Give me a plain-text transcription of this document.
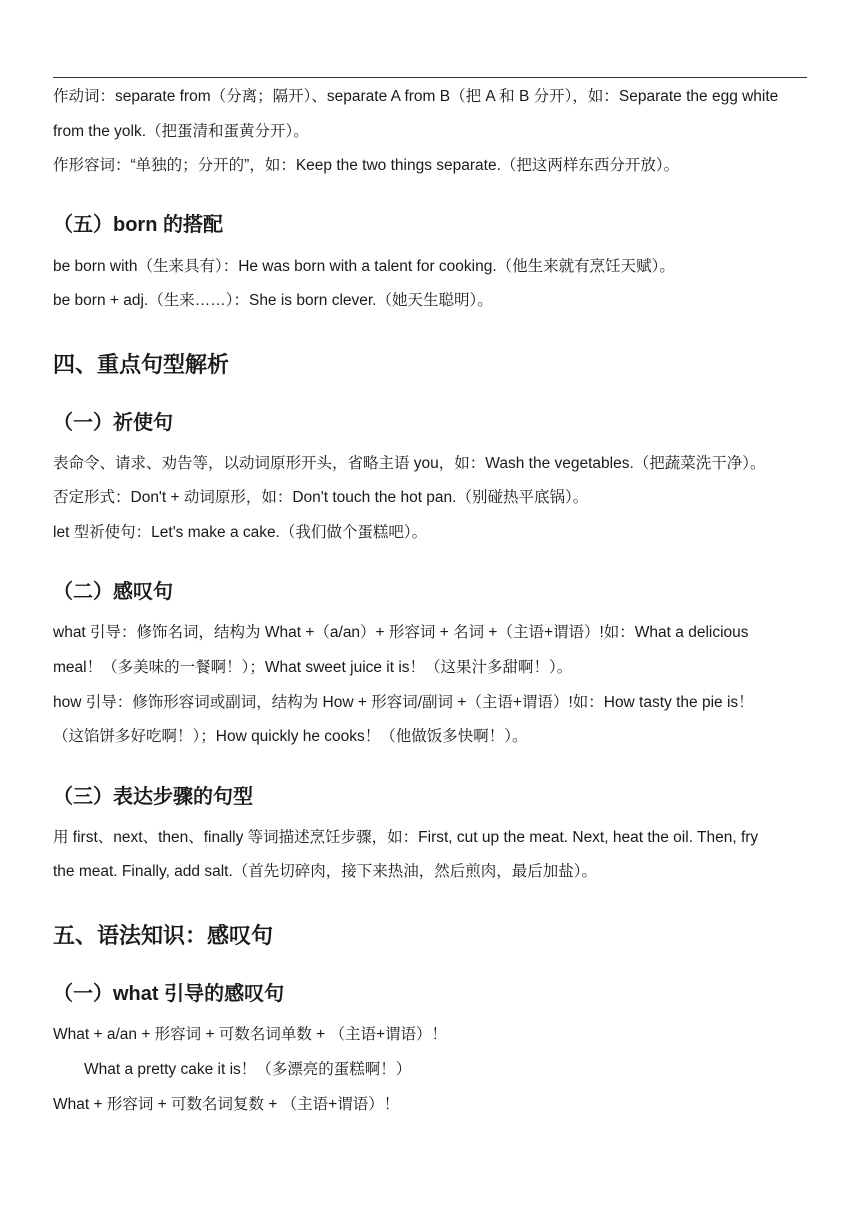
作动词：separate from（分离；隔开）、separate A from B（把 A 和 B 分开），如：Separate the egg white
from the yolk.（把蛋清和蛋黄分开）。
作形容词：“单独的；分开的”，如：Keep the two things separate.（把这两样东西分开放）。
（五）born 的搭配
be born with（生来具有）：He was born with a talent for cooking.（他生来就有烹饪天赋）。
be born + adj.（生来……）：She is born clever.（她天生聪明）。
四、重点句型解析
（一）祈使句
表命令、请求、劝告等，以动词原形开头，省略主语 you，如：Wash the vegetables.（把蔬菜洗干净）。
否定形式：Don't + 动词原形，如：Don't touch the hot pan.（别碰热平底锅）。
let 型祈使句：Let's make a cake.（我们做个蛋糕吧）。
（二）感叹句
what 引导：修饰名词，结构为 What +（a/an）+ 形容词 + 名词 +（主语+谓语）!如：What a delicious
meal！（多美味的一餐啊！）；What sweet juice it is！（这果汁多甜啊！）。
how 引导：修饰形容词或副词，结构为 How + 形容词/副词 +（主语+谓语）!如：How tasty the pie is！
（这馅饼多好吃啊！）；How quickly he cooks！（他做饭多快啊！）。
（三）表达步骤的句型
用 first、next、then、finally 等词描述烹饪步骤，如：First, cut up the meat. Next, heat the oil. Then, fry
the meat. Finally, add salt.（首先切碎肉，接下来热油，然后煎肉，最后加盐）。
五、语法知识：感叹句
（一）what 引导的感叹句
What + a/an + 形容词 + 可数名词单数 + （主语+谓语）！
What a pretty cake it is！（多漂亮的蛋糕啊！）
What + 形容词 + 可数名词复数 + （主语+谓语）！
